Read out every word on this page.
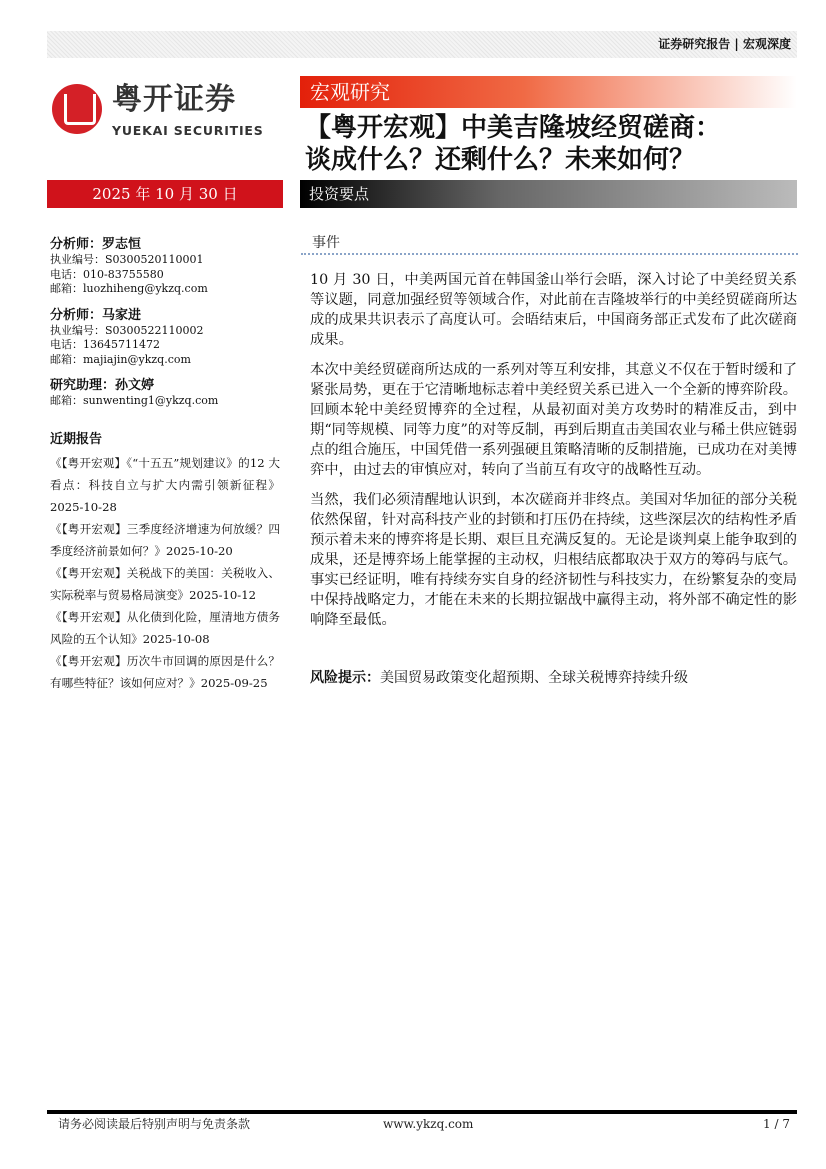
证券研究报告 | 宏观深度
粤开证券
YUEKAI SECURITIES
宏观研究
【粤开宏观】中美吉隆坡经贸磋商：
谈成什么？还剩什么？未来如何？
2025 年 10 月 30 日	投资要点
分析师：罗志恒
执业编号：S0300520110001
电话：010-83755580
邮箱：luozhiheng@ykzq.com
分析师：马家进
执业编号：S0300522110002
电话：13645711472
邮箱：majiajin@ykzq.com
研究助理：孙文婷
邮箱：sunwenting1@ykzq.com
近期报告
《【粤开宏观】《“十五五”规划建议》的12 大看点：科技自立与扩大内需引领新征程》2025-10-28
《【粤开宏观】三季度经济增速为何放缓？四季度经济前景如何？》2025-10-20
《【粤开宏观】关税战下的美国：关税收入、实际税率与贸易格局演变》2025-10-12
《【粤开宏观】从化债到化险，厘清地方债务风险的五个认知》2025-10-08
《【粤开宏观】历次牛市回调的原因是什么？有哪些特征？该如何应对？》2025-09-25
事件

10 月 30 日，中美两国元首在韩国釜山举行会晤，深入讨论了中美经贸关系等议题，同意加强经贸等领域合作，对此前在吉隆坡举行的中美经贸磋商所达成的成果共识表示了高度认可。会晤结束后，中国商务部正式发布了此次磋商成果。

本次中美经贸磋商所达成的一系列对等互利安排，其意义不仅在于暂时缓和了紧张局势，更在于它清晰地标志着中美经贸关系已进入一个全新的博弈阶段。回顾本轮中美经贸博弈的全过程，从最初面对美方攻势时的精准反击，到中期“同等规模、同等力度”的对等反制，再到后期直击美国农业与稀土供应链弱点的组合施压，中国凭借一系列强硬且策略清晰的反制措施，已成功在对美博弈中，由过去的审慎应对，转向了当前互有攻守的战略性互动。

当然，我们必须清醒地认识到，本次磋商并非终点。美国对华加征的部分关税依然保留，针对高科技产业的封锁和打压仍在持续，这些深层次的结构性矛盾预示着未来的博弈将是长期、艰巨且充满反复的。无论是谈判桌上能争取到的成果，还是博弈场上能掌握的主动权，归根结底都取决于双方的筹码与底气。事实已经证明，唯有持续夯实自身的经济韧性与科技实力，在纷繁复杂的变局中保持战略定力，才能在未来的长期拉锯战中赢得主动，将外部不确定性的影响降至最低。

风险提示：美国贸易政策变化超预期、全球关税博弈持续升级
请务必阅读最后特别声明与免责条款	www.ykzq.com	1 / 7
